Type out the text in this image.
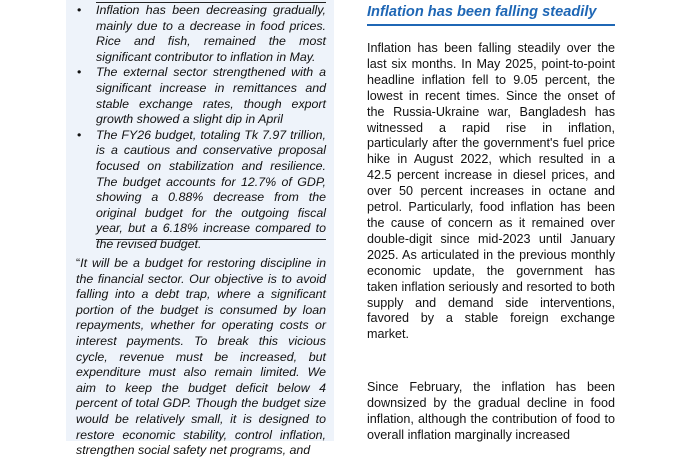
• Inflation has been decreasing gradually, mainly due to a decrease in food prices. Rice and fish, remained the most significant contributor to inflation in May.

• The external sector strengthened with a significant increase in remittances and stable exchange rates, though export growth showed a slight dip in April

• The FY26 budget, totaling Tk 7.97 trillion, is a cautious and conservative proposal focused on stabilization and resilience. The budget accounts for 12.7% of GDP, showing a 0.88% decrease from the original budget for the outgoing fiscal year, but a 6.18% increase compared to the revised budget.

“It will be a budget for restoring discipline in the financial sector. Our objective is to avoid falling into a debt trap, where a significant portion of the budget is consumed by loan repayments, whether for operating costs or interest payments. To break this vicious cycle, revenue must be increased, but expenditure must also remain limited. We aim to keep the budget deficit below 4 percent of total GDP. Though the budget size would be relatively small, it is designed to restore economic stability, control inflation, strengthen social safety net programs, and
Inflation has been falling steadily

Inflation has been falling steadily over the last six months. In May 2025, point-to-point headline inflation fell to 9.05 percent, the lowest in recent times. Since the onset of the Russia-Ukraine war, Bangladesh has witnessed a rapid rise in inflation, particularly after the government's fuel price hike in August 2022, which resulted in a 42.5 percent increase in diesel prices, and over 50 percent increases in octane and petrol. Particularly, food inflation has been the cause of concern as it remained over double-digit since mid-2023 until January 2025. As articulated in the previous monthly economic update, the government has taken inflation seriously and resorted to both supply and demand side interventions, favored by a stable foreign exchange market.

Since February, the inflation has been downsized by the gradual decline in food inflation, although the contribution of food to overall inflation marginally increased
